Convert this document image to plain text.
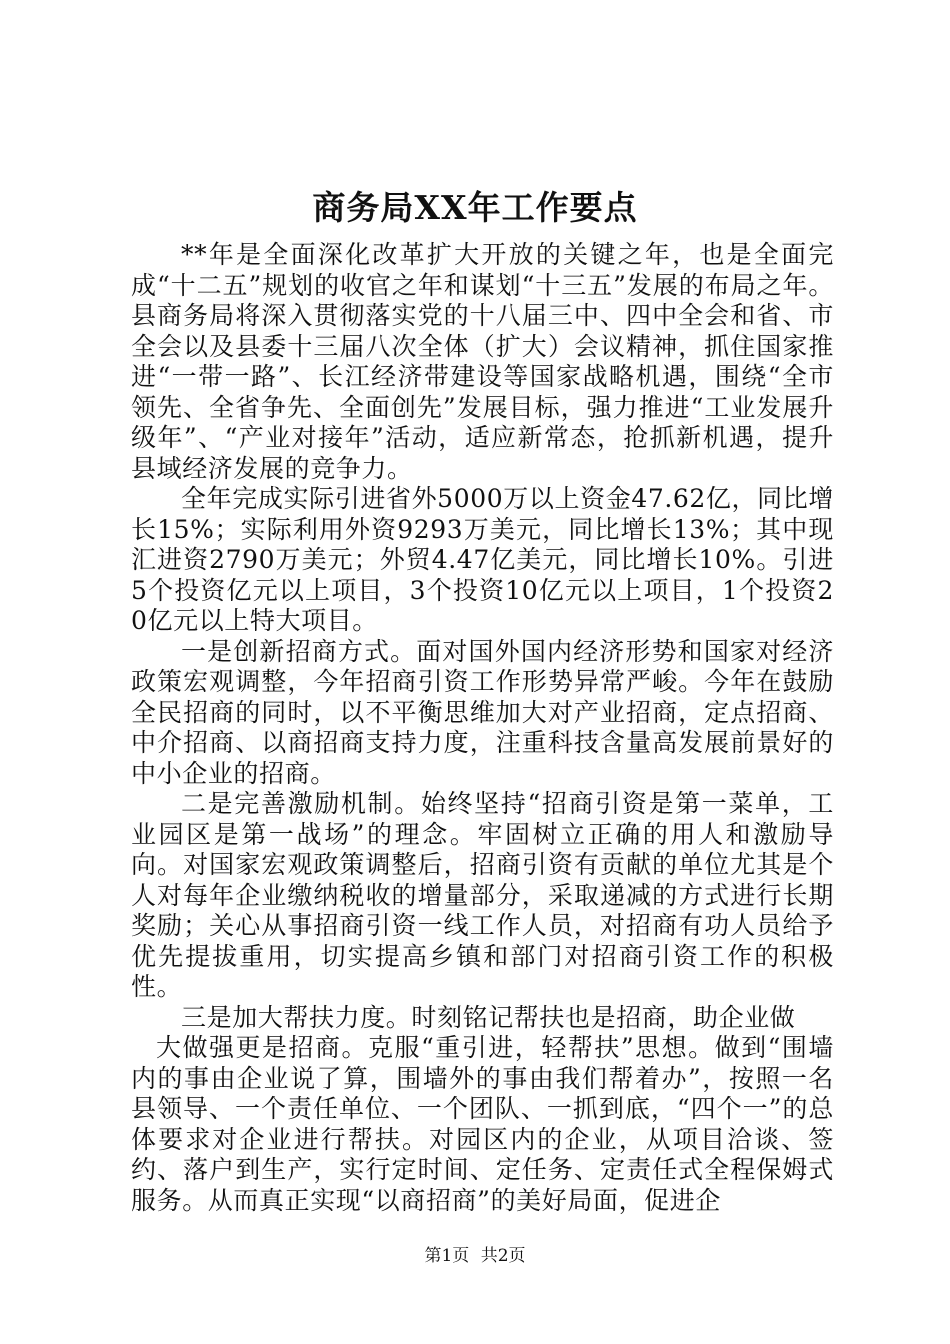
商务局XX年工作要点

**年是全面深化改革扩大开放的关键之年，也是全面完成“十二五”规划的收官之年和谋划“十三五”发展的布局之年。县商务局将深入贯彻落实党的十八届三中、四中全会和省、市全会以及县委十三届八次全体（扩大）会议精神，抓住国家推进“一带一路”、长江经济带建设等国家战略机遇，围绕“全市领先、全省争先、全面创先”发展目标，强力推进“工业发展升级年”、“产业对接年”活动，适应新常态，抢抓新机遇，提升县域经济发展的竞争力。

全年完成实际引进省外5000万以上资金47.62亿，同比增长15%；实际利用外资9293万美元，同比增长13%；其中现汇进资2790万美元；外贸4.47亿美元，同比增长10%。引进5个投资亿元以上项目，3个投资10亿元以上项目，1个投资20亿元以上特大项目。

一是创新招商方式。面对国外国内经济形势和国家对经济政策宏观调整，今年招商引资工作形势异常严峻。今年在鼓励全民招商的同时，以不平衡思维加大对产业招商，定点招商、中介招商、以商招商支持力度，注重科技含量高发展前景好的中小企业的招商。

二是完善激励机制。始终坚持“招商引资是第一菜单，工业园区是第一战场”的理念。牢固树立正确的用人和激励导向。对国家宏观政策调整后，招商引资有贡献的单位尤其是个人对每年企业缴纳税收的增量部分，采取递减的方式进行长期奖励；关心从事招商引资一线工作人员，对招商有功人员给予优先提拔重用，切实提高乡镇和部门对招商引资工作的积极性。

三是加大帮扶力度。时刻铭记帮扶也是招商，助企业做

大做强更是招商。克服“重引进，轻帮扶”思想。做到“围墙内的事由企业说了算，围墙外的事由我们帮着办”，按照一名县领导、一个责任单位、一个团队、一抓到底，“四个一”的总体要求对企业进行帮扶。对园区内的企业，从项目洽谈、签约、落户到生产，实行定时间、定任务、定责任式全程保姆式服务。从而真正实现“以商招商”的美好局面，促进企

第1页 共2页
